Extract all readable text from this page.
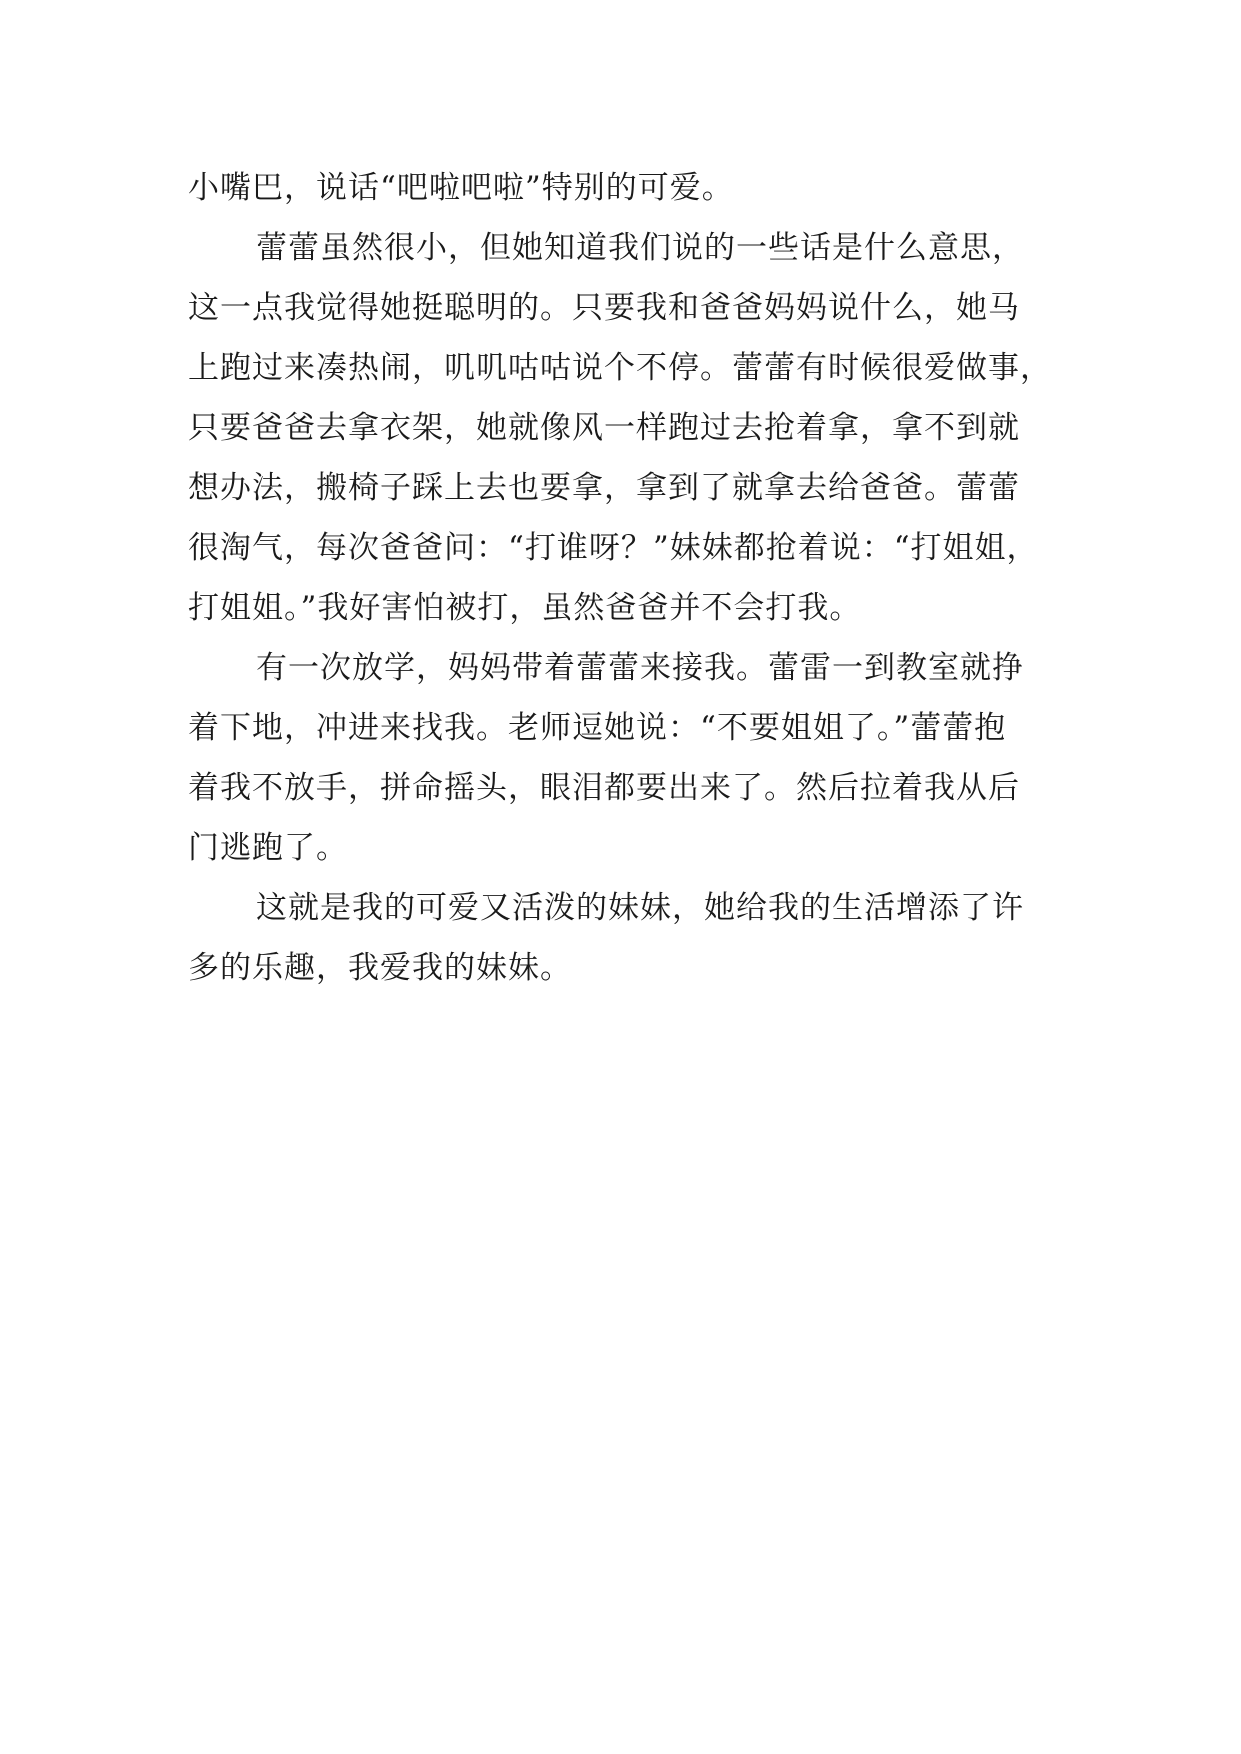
小嘴巴，说话“吧啦吧啦”特别的可爱。
蕾蕾虽然很小，但她知道我们说的一些话是什么意思，
这一点我觉得她挺聪明的。只要我和爸爸妈妈说什么，她马
上跑过来凑热闹，叽叽咕咕说个不停。蕾蕾有时候很爱做事，
只要爸爸去拿衣架，她就像风一样跑过去抢着拿，拿不到就
想办法，搬椅子踩上去也要拿，拿到了就拿去给爸爸。蕾蕾
很淘气，每次爸爸问：“打谁呀？”妹妹都抢着说：“打姐姐，
打姐姐。”我好害怕被打，虽然爸爸并不会打我。
有一次放学，妈妈带着蕾蕾来接我。蕾雷一到教室就挣
着下地，冲进来找我。老师逗她说：“不要姐姐了。”蕾蕾抱
着我不放手，拼命摇头，眼泪都要出来了。然后拉着我从后
门逃跑了。
这就是我的可爱又活泼的妹妹，她给我的生活增添了许
多的乐趣，我爱我的妹妹。
